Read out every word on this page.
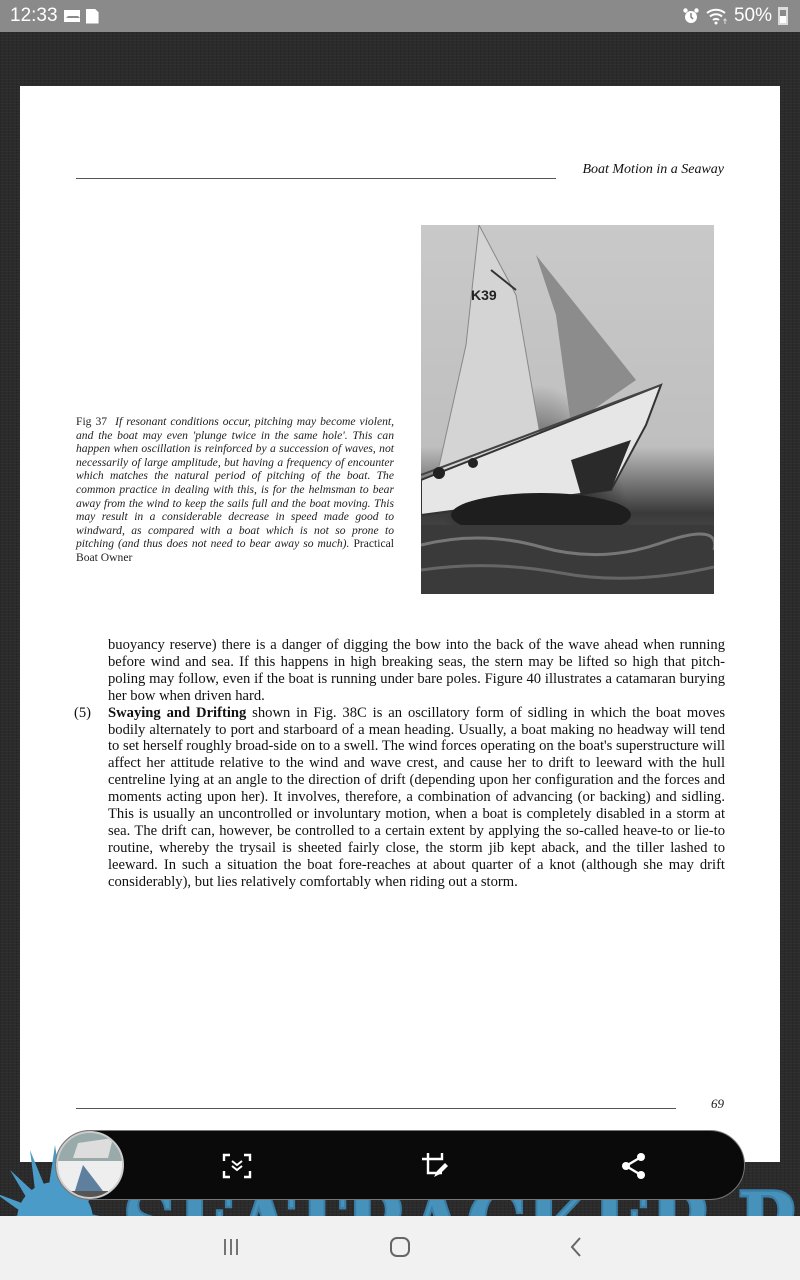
12:33	50%
Boat Motion in a Seaway
K39
Fig 37 If resonant conditions occur, pitching may become violent, and the boat may even 'plunge twice in the same hole'. This can happen when oscillation is reinforced by a succession of waves, not necessarily of large amplitude, but having a frequency of encounter which matches the natural period of pitching of the boat. The common practice in dealing with this, is for the helmsman to bear away from the wind to keep the sails full and the boat moving. This may result in a considerable decrease in speed made good to windward, as compared with a boat which is not so prone to pitching (and thus does not need to bear away so much). Practical Boat Owner

buoyancy reserve) there is a danger of digging the bow into the back of the wave ahead when running before wind and sea. If this happens in high breaking seas, the stern may be lifted so high that pitch-poling may follow, even if the boat is running under bare poles. Figure 40 illustrates a catamaran burying her bow when driven hard.

(5) Swaying and Drifting shown in Fig. 38C is an oscillatory form of sidling in which the boat moves bodily alternately to port and starboard of a mean heading. Usually, a boat making no headway will tend to set herself roughly broad-side on to a swell. The wind forces operating on the boat's superstructure will affect her attitude relative to the wind and wave crest, and cause her to drift to leeward with the hull centreline lying at an angle to the direction of drift (depending upon her configuration and the forces and moments acting upon her). It involves, therefore, a combination of advancing (or backing) and sidling. This is usually an uncontrolled or involuntary motion, when a boat is completely disabled in a storm at sea. The drift can, however, be controlled to a certain extent by applying the so-called heave-to or lie-to routine, whereby the trysail is sheeted fairly close, the storm jib kept aback, and the tiller lashed to leeward. In such a situation the boat fore-reaches at about quarter of a knot (although she may drift considerably), but lies relatively comfortably when riding out a storm.

69
